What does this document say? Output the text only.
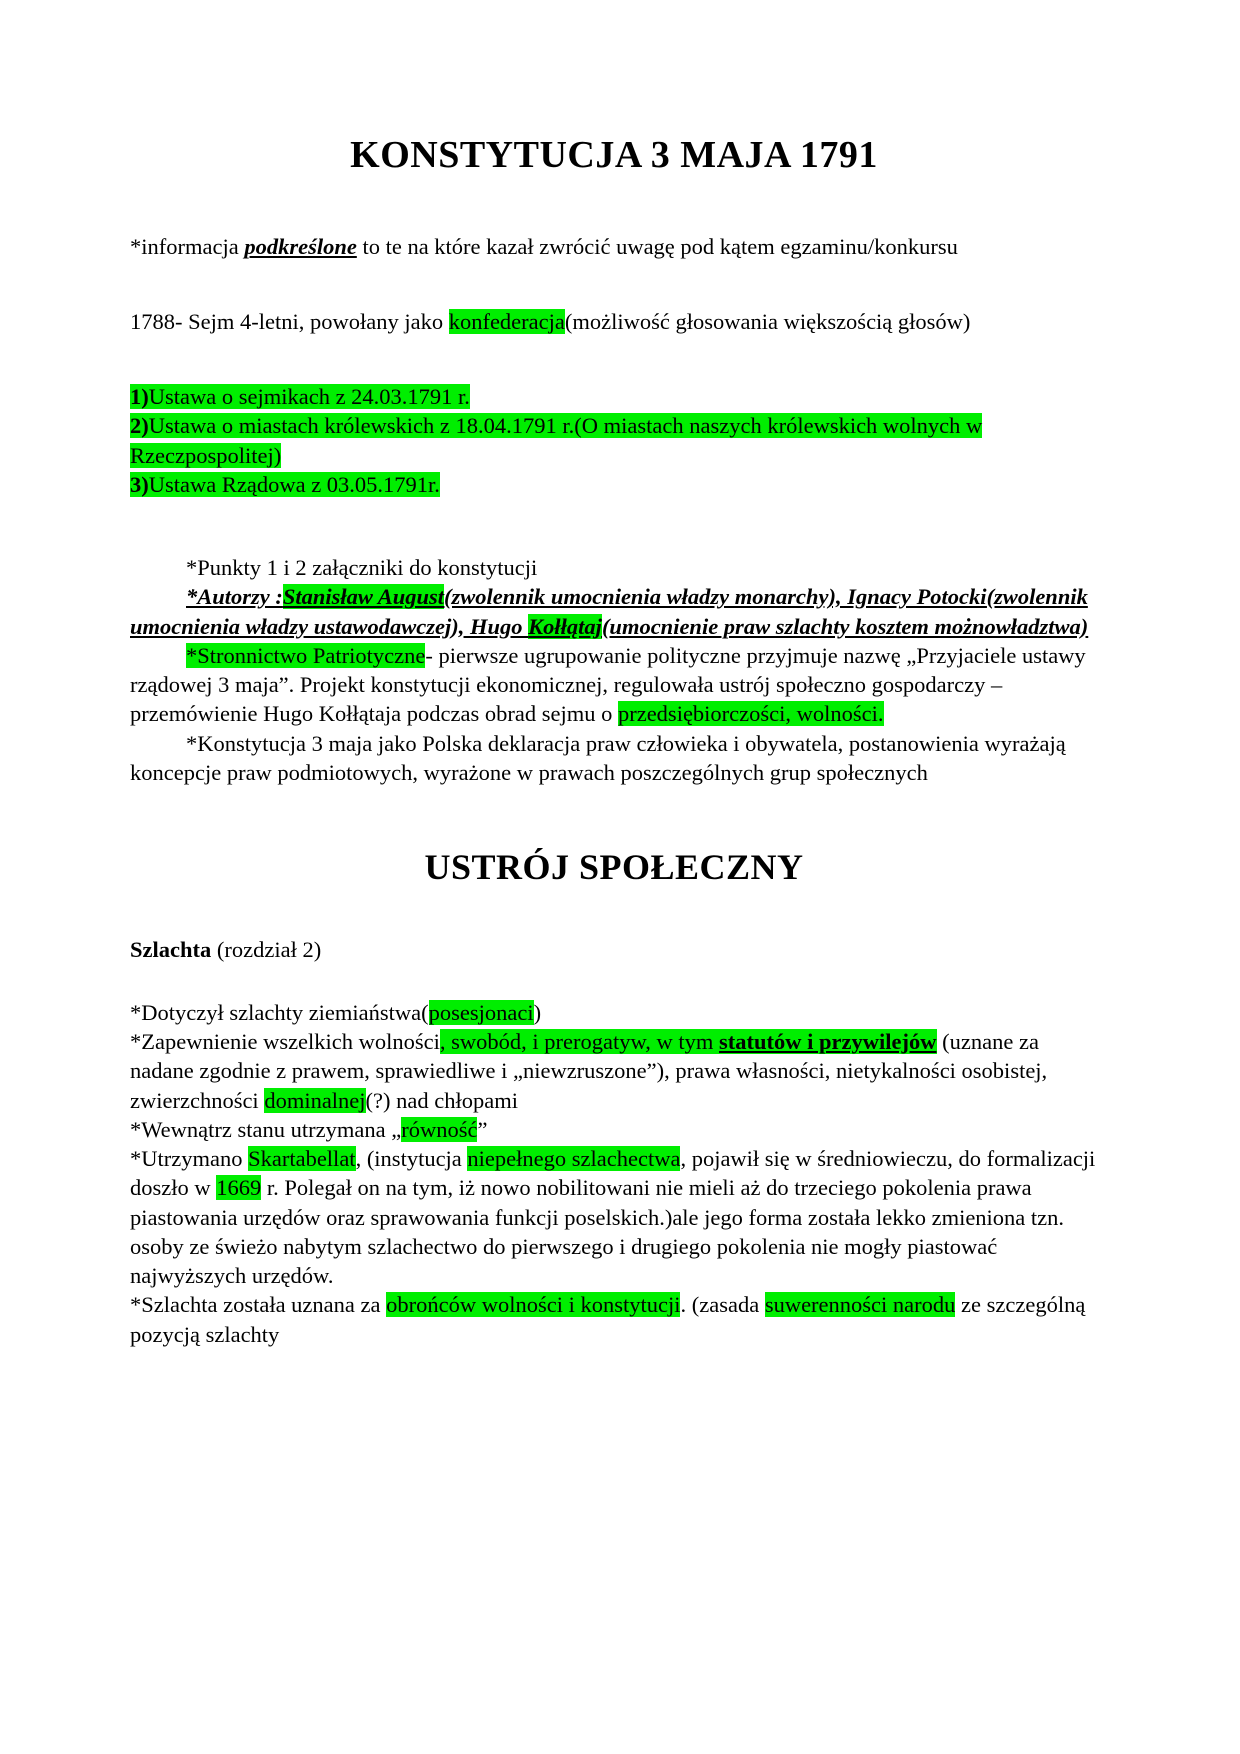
KONSTYTUCJA 3 MAJA 1791

*informacja podkreślone to te na które kazał zwrócić uwagę pod kątem egzaminu/konkursu

1788- Sejm 4-letni, powołany jako konfederacja(możliwość głosowania większością głosów)

1)Ustawa o sejmikach z 24.03.1791 r.
2)Ustawa o miastach królewskich z 18.04.1791 r.(O miastach naszych królewskich wolnych w Rzeczpospolitej)
3)Ustawa Rządowa z 03.05.1791r.

*Punkty 1 i 2 załączniki do konstytucji

*Autorzy :Stanisław August(zwolennik umocnienia władzy monarchy), Ignacy Potocki(zwolennik umocnienia władzy ustawodawczej), Hugo Kołłątaj(umocnienie praw szlachty kosztem możnowładztwa)

*Stronnictwo Patriotyczne- pierwsze ugrupowanie polityczne przyjmuje nazwę „Przyjaciele ustawy rządowej 3 maja”. Projekt konstytucji ekonomicznej, regulowała ustrój społeczno gospodarczy – przemówienie Hugo Kołłątaja podczas obrad sejmu o przedsiębiorczości, wolności.

*Konstytucja 3 maja jako Polska deklaracja praw człowieka i obywatela, postanowienia wyrażają koncepcje praw podmiotowych, wyrażone w prawach poszczególnych grup społecznych

USTRÓJ SPOŁECZNY

Szlachta (rozdział 2)

*Dotyczył szlachty ziemiaństwa(posesjonaci)

*Zapewnienie wszelkich wolności, swobód, i prerogatyw, w tym statutów i przywilejów (uznane za nadane zgodnie z prawem, sprawiedliwe i „niewzruszone”), prawa własności, nietykalności osobistej, zwierzchności dominalnej(?) nad chłopami

*Wewnątrz stanu utrzymana „równość”

*Utrzymano Skartabellat, (instytucja niepełnego szlachectwa, pojawił się w średniowieczu, do formalizacji doszło w 1669 r. Polegał on na tym, iż nowo nobilitowani nie mieli aż do trzeciego pokolenia prawa piastowania urzędów oraz sprawowania funkcji poselskich.)ale jego forma została lekko zmieniona tzn. osoby ze świeżo nabytym szlachectwo do pierwszego i drugiego pokolenia nie mogły piastować najwyższych urzędów.

*Szlachta została uznana za obrońców wolności i konstytucji. (zasada suwerenności narodu ze szczególną pozycją szlachty
